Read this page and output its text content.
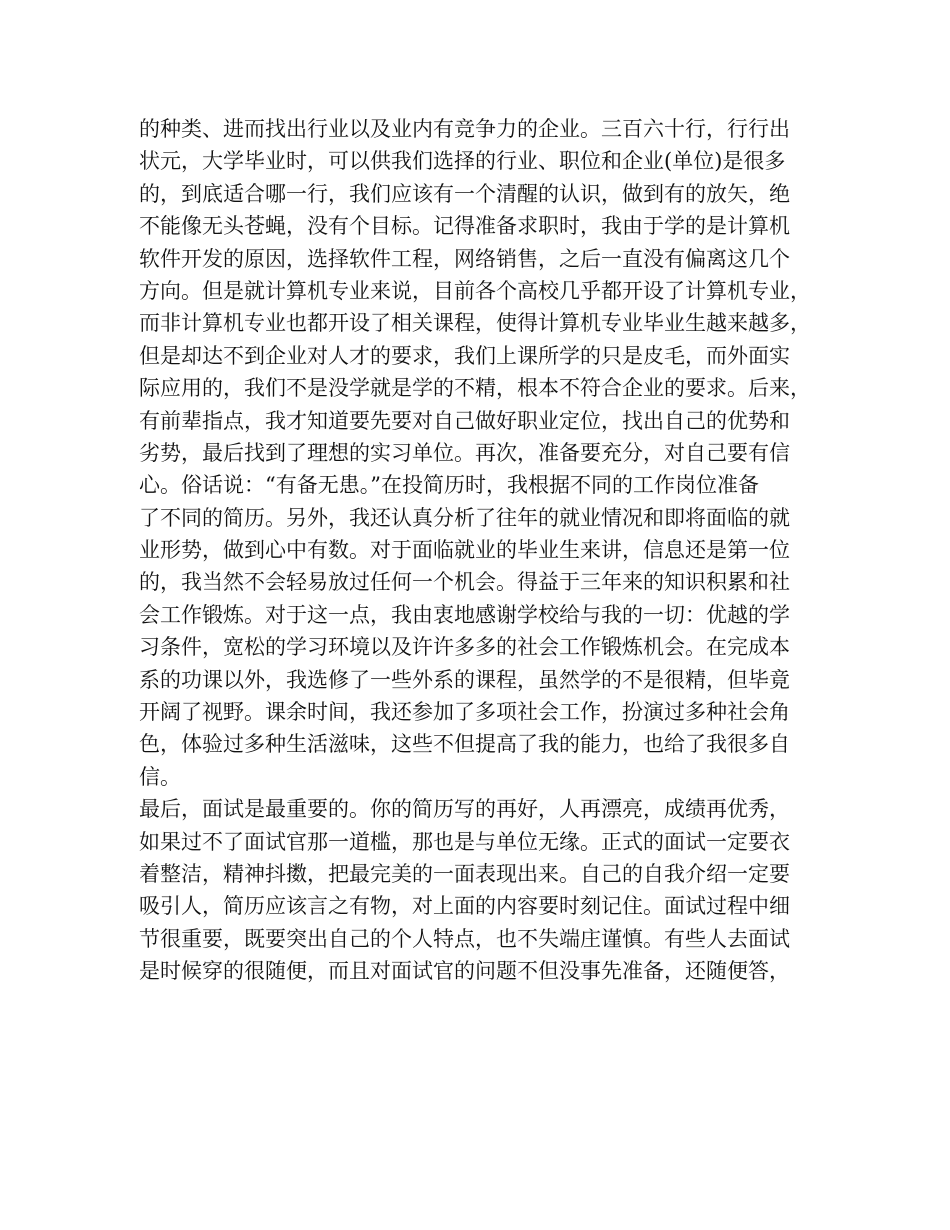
的种类、进而找出行业以及业内有竞争力的企业。三百六十行，行行出
状元，大学毕业时，可以供我们选择的行业、职位和企业(单位)是很多
的，到底适合哪一行，我们应该有一个清醒的认识，做到有的放矢，绝
不能像无头苍蝇，没有个目标。记得准备求职时，我由于学的是计算机
软件开发的原因，选择软件工程，网络销售，之后一直没有偏离这几个
方向。但是就计算机专业来说，目前各个高校几乎都开设了计算机专业，
而非计算机专业也都开设了相关课程，使得计算机专业毕业生越来越多，
但是却达不到企业对人才的要求，我们上课所学的只是皮毛，而外面实
际应用的，我们不是没学就是学的不精，根本不符合企业的要求。后来，
有前辈指点，我才知道要先要对自己做好职业定位，找出自己的优势和
劣势，最后找到了理想的实习单位。再次，准备要充分，对自己要有信
心。俗话说：“有备无患。”在投简历时，我根据不同的工作岗位准备
了不同的简历。另外，我还认真分析了往年的就业情况和即将面临的就
业形势，做到心中有数。对于面临就业的毕业生来讲，信息还是第一位
的，我当然不会轻易放过任何一个机会。得益于三年来的知识积累和社
会工作锻炼。对于这一点，我由衷地感谢学校给与我的一切：优越的学
习条件，宽松的学习环境以及许许多多的社会工作锻炼机会。在完成本
系的功课以外，我选修了一些外系的课程，虽然学的不是很精，但毕竟
开阔了视野。课余时间，我还参加了多项社会工作，扮演过多种社会角
色，体验过多种生活滋味，这些不但提高了我的能力，也给了我很多自
信。
最后，面试是最重要的。你的简历写的再好，人再漂亮，成绩再优秀，
如果过不了面试官那一道槛，那也是与单位无缘。正式的面试一定要衣
着整洁，精神抖擞，把最完美的一面表现出来。自己的自我介绍一定要
吸引人，简历应该言之有物，对上面的内容要时刻记住。面试过程中细
节很重要，既要突出自己的个人特点，也不失端庄谨慎。有些人去面试
是时候穿的很随便，而且对面试官的问题不但没事先准备，还随便答，
